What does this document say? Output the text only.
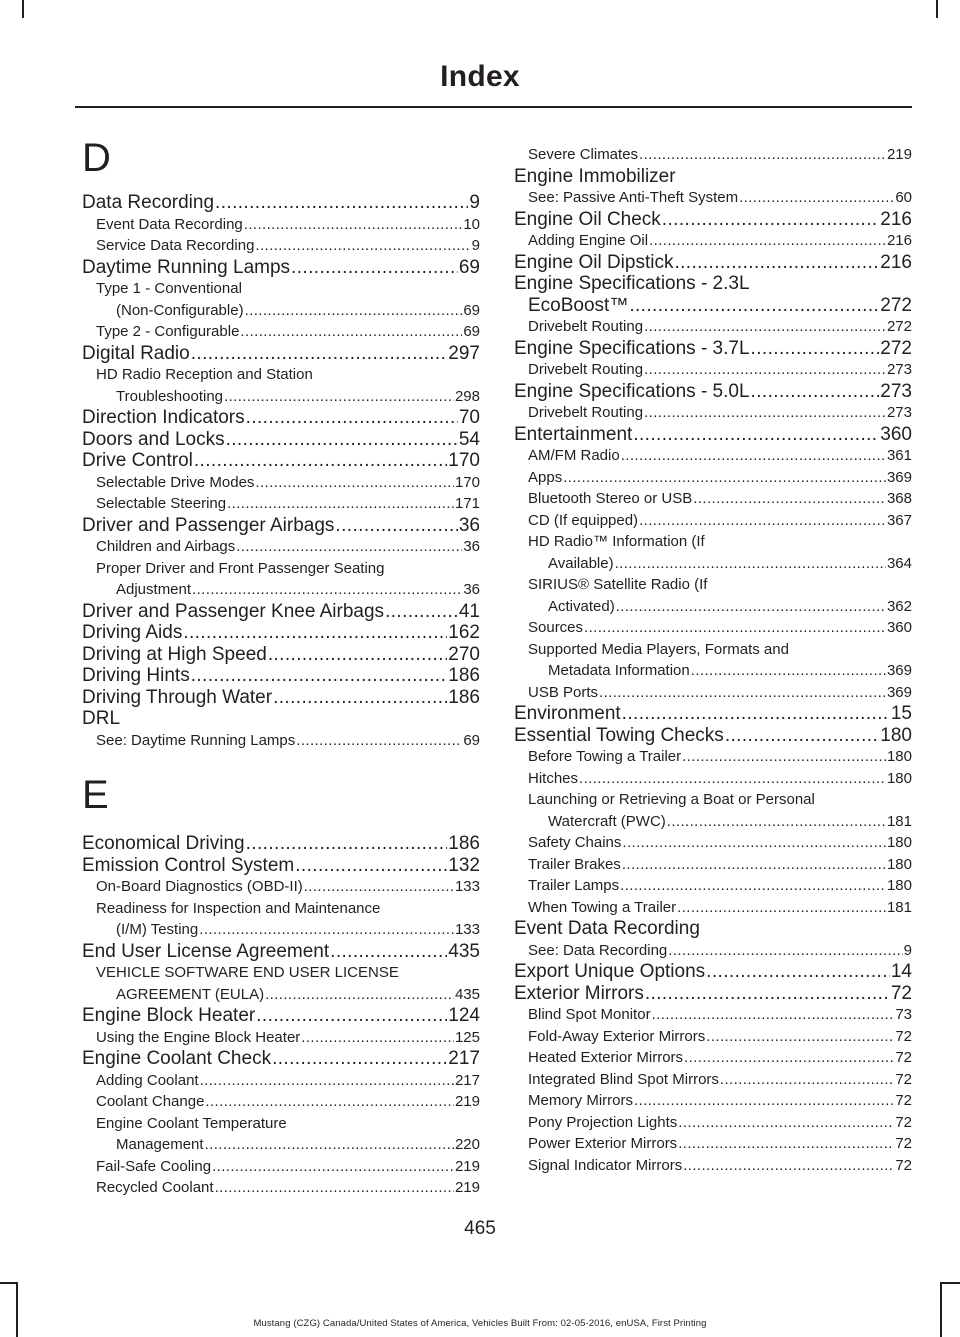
Index
D
Data Recording .....	9
Event Data Recording .....	10
Service Data Recording .....	9
Daytime Running Lamps .....	69
Type 1 - Conventional
(Non-Configurable) .....	69
Type 2 - Configurable .....	69
Digital Radio .....	297
HD Radio Reception and Station
Troubleshooting .....	298
Direction Indicators .....	70
Doors and Locks .....	54
Drive Control .....	170
Selectable Drive Modes .....	170
Selectable Steering .....	171
Driver and Passenger Airbags .....	36
Children and Airbags .....	36
Proper Driver and Front Passenger Seating
Adjustment .....	36
Driver and Passenger Knee Airbags .....	41
Driving Aids .....	162
Driving at High Speed .....	270
Driving Hints .....	186
Driving Through Water .....	186
DRL
See: Daytime Running Lamps .....	69
E
Economical Driving .....	186
Emission Control System .....	132
On-Board Diagnostics (OBD-II) .....	133
Readiness for Inspection and Maintenance
(I/M) Testing .....	133
End User License Agreement .....	435
VEHICLE SOFTWARE END USER LICENSE
AGREEMENT (EULA) .....	435
Engine Block Heater .....	124
Using the Engine Block Heater .....	125
Engine Coolant Check .....	217
Adding Coolant .....	217
Coolant Change .....	219
Engine Coolant Temperature
Management .....	220
Fail-Safe Cooling .....	219
Recycled Coolant .....	219
Severe Climates .....	219
Engine Immobilizer
See: Passive Anti-Theft System .....	60
Engine Oil Check .....	216
Adding Engine Oil .....	216
Engine Oil Dipstick .....	216
Engine Specifications - 2.3L
EcoBoost™ .....	272
Drivebelt Routing .....	272
Engine Specifications - 3.7L .....	272
Drivebelt Routing .....	273
Engine Specifications - 5.0L .....	273
Drivebelt Routing .....	273
Entertainment .....	360
AM/FM Radio .....	361
Apps .....	369
Bluetooth Stereo or USB .....	368
CD (If equipped) .....	367
HD Radio™ Information (If
Available) .....	364
SIRIUS® Satellite Radio (If
Activated) .....	362
Sources .....	360
Supported Media Players, Formats and
Metadata Information .....	369
USB Ports .....	369
Environment .....	15
Essential Towing Checks .....	180
Before Towing a Trailer .....	180
Hitches .....	180
Launching or Retrieving a Boat or Personal
Watercraft (PWC) .....	181
Safety Chains .....	180
Trailer Brakes .....	180
Trailer Lamps .....	180
When Towing a Trailer .....	181
Event Data Recording
See: Data Recording .....	9
Export Unique Options .....	14
Exterior Mirrors .....	72
Blind Spot Monitor .....	73
Fold-Away Exterior Mirrors .....	72
Heated Exterior Mirrors .....	72
Integrated Blind Spot Mirrors .....	72
Memory Mirrors .....	72
Pony Projection Lights .....	72
Power Exterior Mirrors .....	72
Signal Indicator Mirrors .....	72
465
Mustang (CZG) Canada/United States of America, Vehicles Built From: 02-05-2016, enUSA, First Printing
